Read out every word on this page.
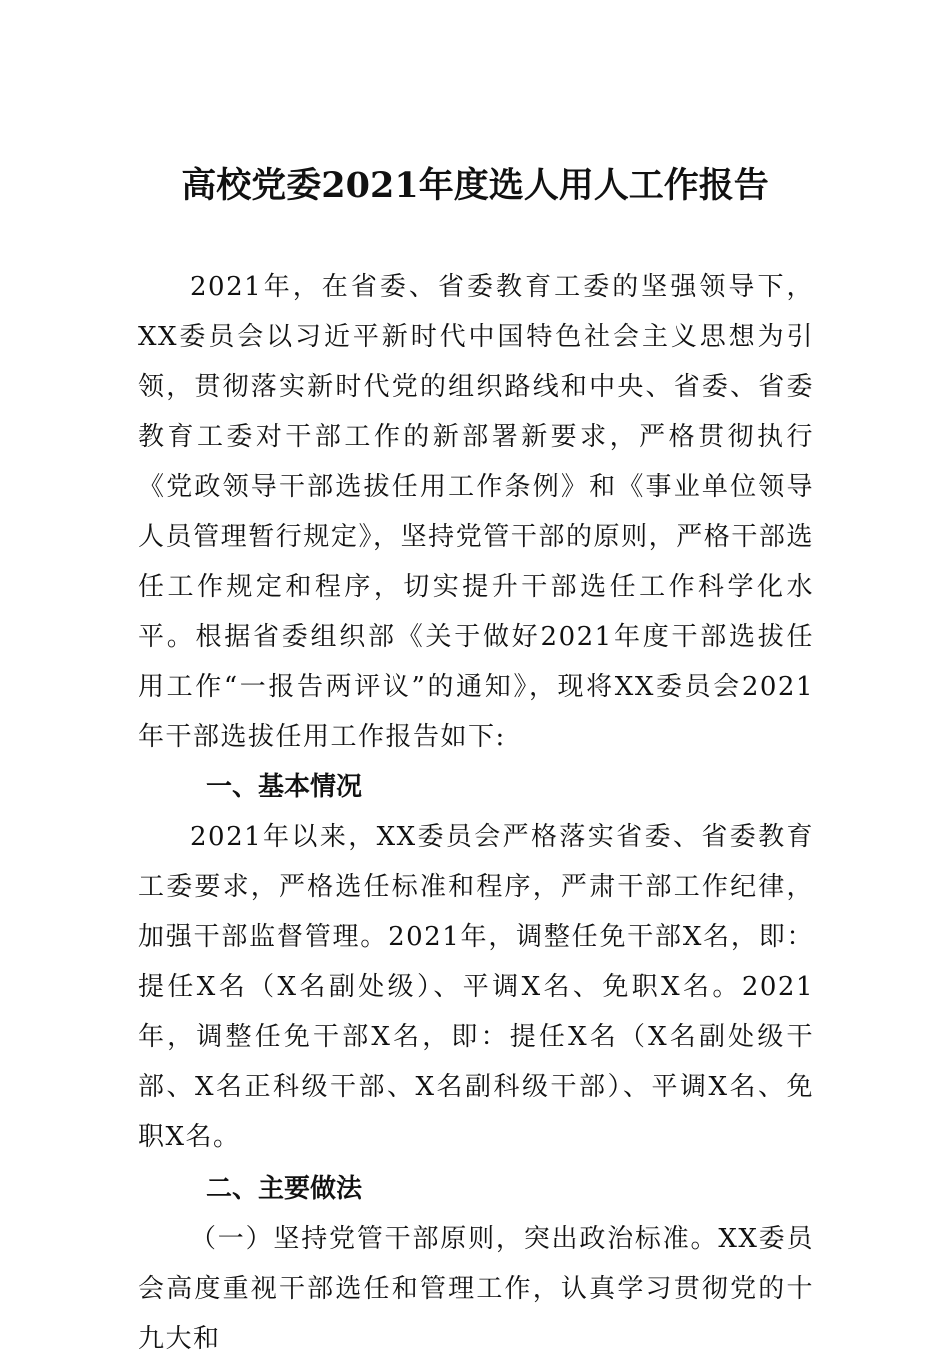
高校党委2021年度选人用人工作报告

2021年，在省委、省委教育工委的坚强领导下，XX委员会以习近平新时代中国特色社会主义思想为引领，贯彻落实新时代党的组织路线和中央、省委、省委教育工委对干部工作的新部署新要求，严格贯彻执行《党政领导干部选拔任用工作条例》和《事业单位领导人员管理暂行规定》，坚持党管干部的原则，严格干部选任工作规定和程序，切实提升干部选任工作科学化水平。根据省委组织部《关于做好2021年度干部选拔任用工作“一报告两评议”的通知》，现将XX委员会2021年干部选拔任用工作报告如下:

一、基本情况

2021年以来，XX委员会严格落实省委、省委教育工委要求，严格选任标准和程序，严肃干部工作纪律，加强干部监督管理。2021年，调整任免干部X名，即：提任X名（X名副处级）、平调X名、免职X名。2021年，调整任免干部X名，即：提任X名（X名副处级干部、X名正科级干部、X名副科级干部）、平调X名、免职X名。

二、主要做法

（一）坚持党管干部原则，突出政治标准。XX委员会高度重视干部选任和管理工作，认真学习贯彻党的十九大和
